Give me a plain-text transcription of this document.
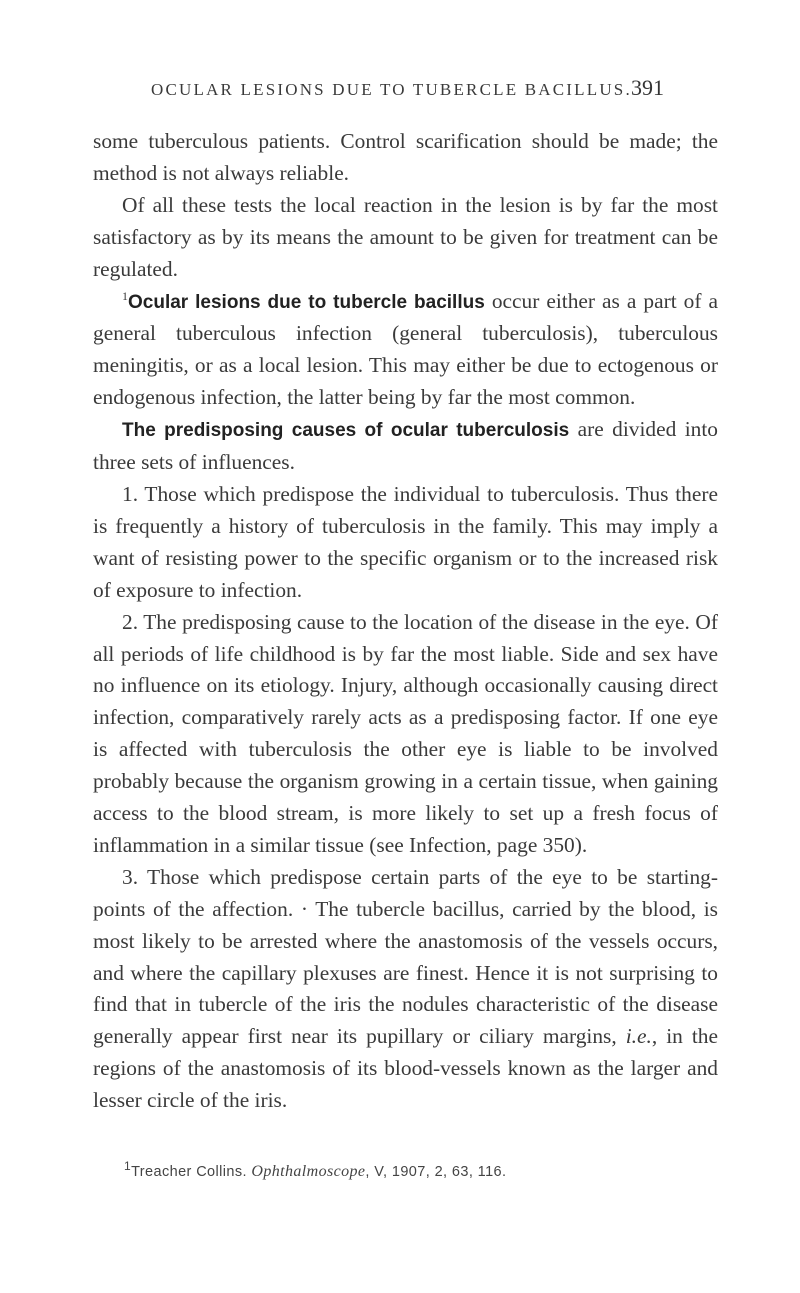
OCULAR LESIONS DUE TO TUBERCLE BACILLUS. 391

some tuberculous patients. Control scarification should be made; the method is not always reliable.

Of all these tests the local reaction in the lesion is by far the most satisfactory as by its means the amount to be given for treatment can be regulated.

$^1$Ocular lesions due to tubercle bacillus occur either as a part of a general tuberculous infection (general tuberculosis), tuberculous meningitis, or as a local lesion. This may either be due to ectogenous or endogenous infection, the latter being by far the most common.

The predisposing causes of ocular tuberculosis are divided into three sets of influences.

1. Those which predispose the individual to tuberculosis. Thus there is frequently a history of tuberculosis in the family. This may imply a want of resisting power to the specific organism or to the increased risk of exposure to infection.

2. The predisposing cause to the location of the disease in the eye. Of all periods of life childhood is by far the most liable. Side and sex have no influence on its etiology. Injury, although occasionally causing direct infection, comparatively rarely acts as a predisposing factor. If one eye is affected with tuberculosis the other eye is liable to be involved probably because the organism growing in a certain tissue, when gaining access to the blood stream, is more likely to set up a fresh focus of inflammation in a similar tissue (see Infection, page 350).

3. Those which predispose certain parts of the eye to be starting-points of the affection. · The tubercle bacillus, carried by the blood, is most likely to be arrested where the anastomosis of the vessels occurs, and where the capillary plexuses are finest. Hence it is not surprising to find that in tubercle of the iris the nodules characteristic of the disease generally appear first near its pupillary or ciliary margins, i.e., in the regions of the anastomosis of its blood-vessels known as the larger and lesser circle of the iris.

$^1$Treacher Collins. Ophthalmoscope, V, 1907, 2, 63, 116.
